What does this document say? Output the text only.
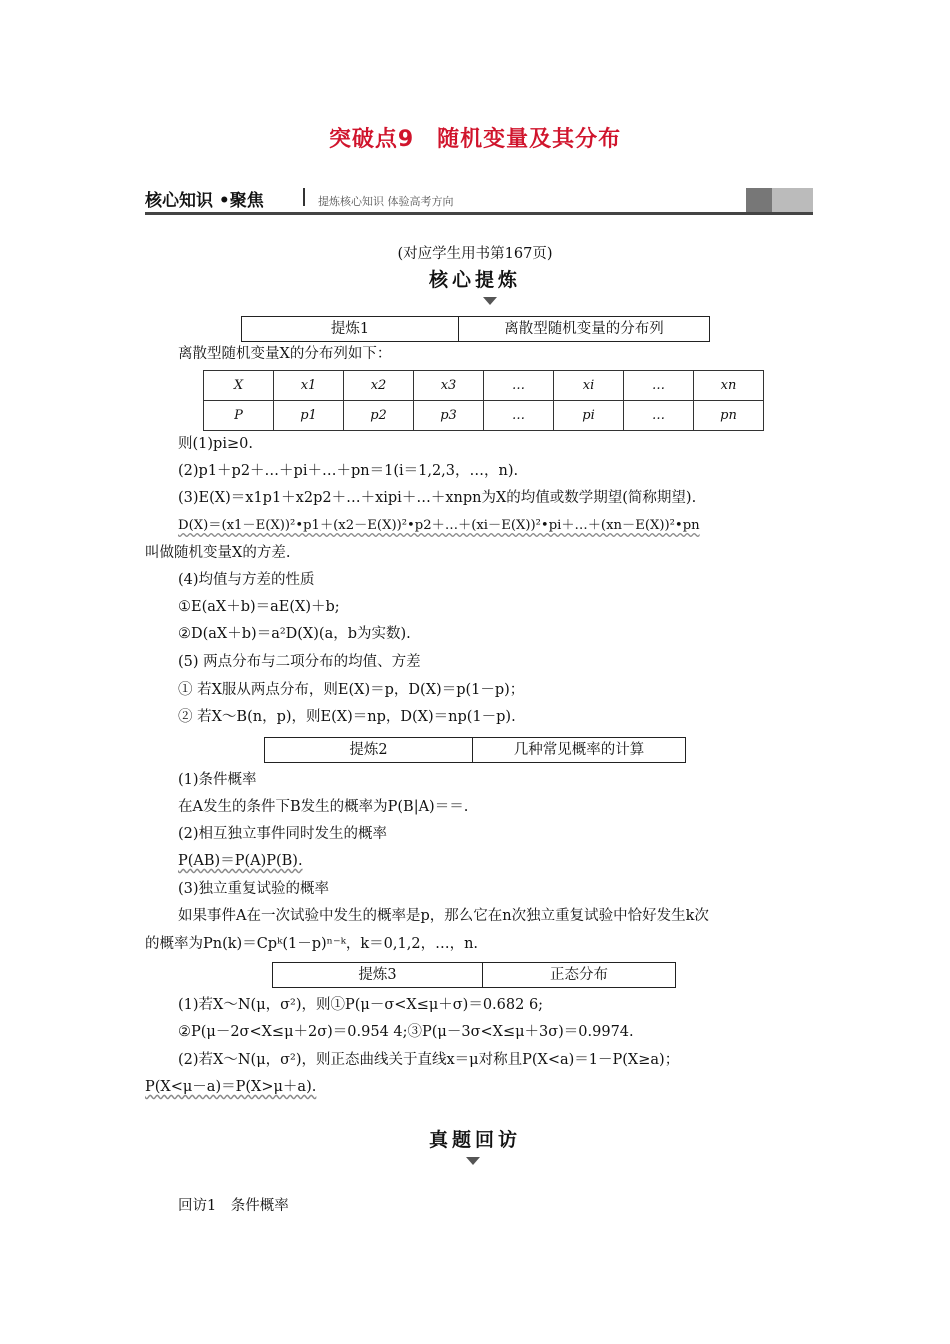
突破点9　随机变量及其分布
核心知识 •聚焦	提炼核心知识 体验高考方向
(对应学生用书第167页)
核心提炼
提炼1	离散型随机变量的分布列
离散型随机变量X的分布列如下：
X	x1	x2	x3	…	xi	…	xn
P	p1	p2	p3	…	pi	…	pn
则(1)pi≥0.
(2)p1＋p2＋…＋pi＋…＋pn＝1(i＝1,2,3，…，n).
(3)E(X)＝x1p1＋x2p2＋…＋xipi＋…＋xnpn为X的均值或数学期望(简称期望).
D(X)＝(x1－E(X))²•p1＋(x2－E(X))²•p2＋…＋(xi－E(X))²•pi＋…＋(xn－E(X))²•pn
叫做随机变量X的方差.
(4)均值与方差的性质
①E(aX＋b)＝aE(X)＋b;
②D(aX＋b)＝a²D(X)(a，b为实数).
(5) 两点分布与二项分布的均值、方差
① 若X服从两点分布，则E(X)＝p，D(X)＝p(1－p)；
② 若X～B(n，p)，则E(X)＝np，D(X)＝np(1－p).
提炼2	几种常见概率的计算
(1)条件概率
在A发生的条件下B发生的概率为P(B|A)＝＝.
(2)相互独立事件同时发生的概率
P(AB)＝P(A)P(B).
(3)独立重复试验的概率
如果事件A在一次试验中发生的概率是p，那么它在n次独立重复试验中恰好发生k次
的概率为Pn(k)＝Cpᵏ(1－p)ⁿ⁻ᵏ，k＝0,1,2，…，n.
提炼3	正态分布
(1)若X～N(μ，σ²)，则①P(μ－σ<X≤μ＋σ)＝0.682 6;
②P(μ－2σ<X≤μ＋2σ)＝0.954 4;③P(μ－3σ<X≤μ＋3σ)＝0.9974.
(2)若X～N(μ，σ²)，则正态曲线关于直线x＝μ对称且P(X<a)＝1－P(X≥a)；
P(X<μ－a)＝P(X>μ＋a).
真题回访
回访1　条件概率
